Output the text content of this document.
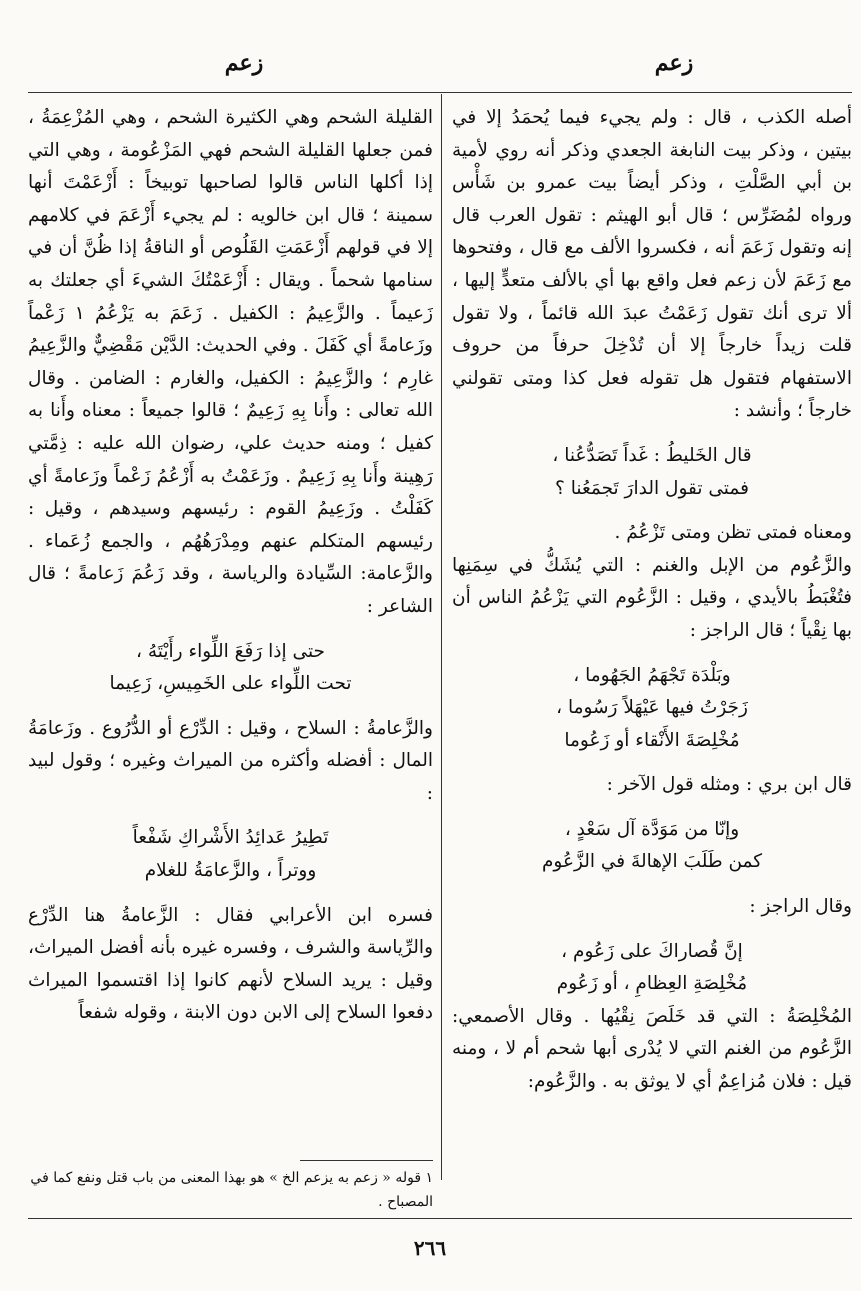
زعم
زعم

أصله الكذب ، قال : ولم يجيء فيما يُحمَدُ إلا في بيتين ، وذكر بيت النابغة الجعدي وذكر أنه روي لأمية بن أبي الصَّلْتِ ، وذكر أيضاً بيت عمرو بن شَأْس ورواه لمُضَرِّس ؛ قال أبو الهيثم : تقول العرب قال إنه وتقول زَعَمَ أنه ، فكسروا الألف مع قال ، وفتحوها مع زَعَمَ لأن زعم فعل واقع بها أي بالألف متعدٍّ إليها ، ألا ترى أنك تقول زَعَمْتُ عبدَ الله قائماً ، ولا تقول قلت زيداً خارجاً إلا أن تُدْخِلَ حرفاً من حروف الاستفهام فتقول هل تقوله فعل كذا ومتى تقولني خارجاً ؛ وأنشد :

قال الخَليطُ : غَداً تَصَدُّعُنا ،

فمتى تقول الدارَ تَجمَعُنا ؟

ومعناه فمتى تظن ومتى تَزْعُمُ .

والزَّعُوم من الإبل والغنم : التي يُشَكُّ في سِمَنِها فتُغْبَطُ بالأيدي ، وقيل : الزَّعُوم التي يَزْعُمُ الناس أن بها نِقْياً ؛ قال الراجز :

وبَلْدَة تَجْهَمُ الجَهُوما ،

زَجَرْتُ فيها عَيْهَلاً رَسُوما ،

مُخْلِصَةَ الأَنْقاء أو زَعُوما

قال ابن بري : ومثله قول الآخر :

وإنّا من مَوَدَّة آل سَعْدٍ ،

كمن طَلَبَ الإهالةَ في الزَّعُوم

وقال الراجز :

إنَّ قُصاراكَ على زَعُوم ،

مُخْلِصَةِ العِظامِ ، أو زَعُوم

المُخْلِصَةُ : التي قد خَلَصَ نِقْيُها . وقال الأصمعي: الزَّعُوم من الغنم التي لا يُدْرى أبها شحم أم لا ، ومنه قيل : فلان مُزاعِمٌ أي لا يوثق به . والزَّعُوم:

القليلة الشحم وهي الكثيرة الشحم ، وهي المُزْعِمَةُ ، فمن جعلها القليلة الشحم فهي المَزْعُومة ، وهي التي إذا أكلها الناس قالوا لصاحبها توبيخاً : أَزْعَمْتَ أنها سمينة ؛ قال ابن خالويه : لم يجيء أَزْعَمَ في كلامهم إلا في قولهم أَزْعَمَتِ القَلُوص أو الناقةُ إذا ظُنَّ أن في سنامها شحماً . ويقال : أَزْعَمْتُكَ الشيءَ أي جعلتك به زَعيماً . والزَّعِيمُ : الكفيل . زَعَمَ به يَزْعُمُ ۱ زَعْماً وزَعامةً أي كَفَلَ . وفي الحديث: الدَّيْن مَقْضِيٌّ والزَّعِيمُ غارِم ؛ والزَّعِيمُ : الكفيل، والغارم : الضامن . وقال الله تعالى : وأَنا بِهِ زَعِيمٌ ؛ قالوا جميعاً : معناه وأَنا به كفيل ؛ ومنه حديث علي، رضوان الله عليه : ذِمَّتي رَهِينة وأَنا بِهِ زَعِيمٌ . وزَعَمْتُ به أَزْعُمُ زَعْماً وزَعامةً أي كَفَلْتُ . وزَعِيمُ القوم : رئيسهم وسيدهم ، وقيل : رئيسهم المتكلم عنهم ومِدْرَهُهُم ، والجمع زُعَماء . والزَّعامة: السِّيادة والرياسة ، وقد زَعُمَ زَعامةً ؛ قال الشاعر :

حتى إذا رَفَعَ اللِّواء رأَيْتَهُ ،

تحت اللِّواء على الخَمِيسِ، زَعِيما

والزَّعامةُ : السلاح ، وقيل : الدِّرْع أو الدُّرُوع . وزَعامَةُ المال : أفضله وأكثره من الميراث وغيره ؛ وقول لبيد :

تَطِيرُ عَدائِدُ الأَشْراكِ شَفْعاً

ووتراً ، والزَّعامَةُ للغلام

فسره ابن الأعرابي فقال : الزَّعامةُ هنا الدِّرْع والرِّياسة والشرف ، وفسره غيره بأنه أفضل الميراث، وقيل : يريد السلاح لأنهم كانوا إذا اقتسموا الميراث دفعوا السلاح إلى الابن دون الابنة ، وقوله شفعاً

۱ قوله « زعم به يزعم الخ » هو بهذا المعنى من باب قتل ونفع كما في المصباح .
٢٦٦
